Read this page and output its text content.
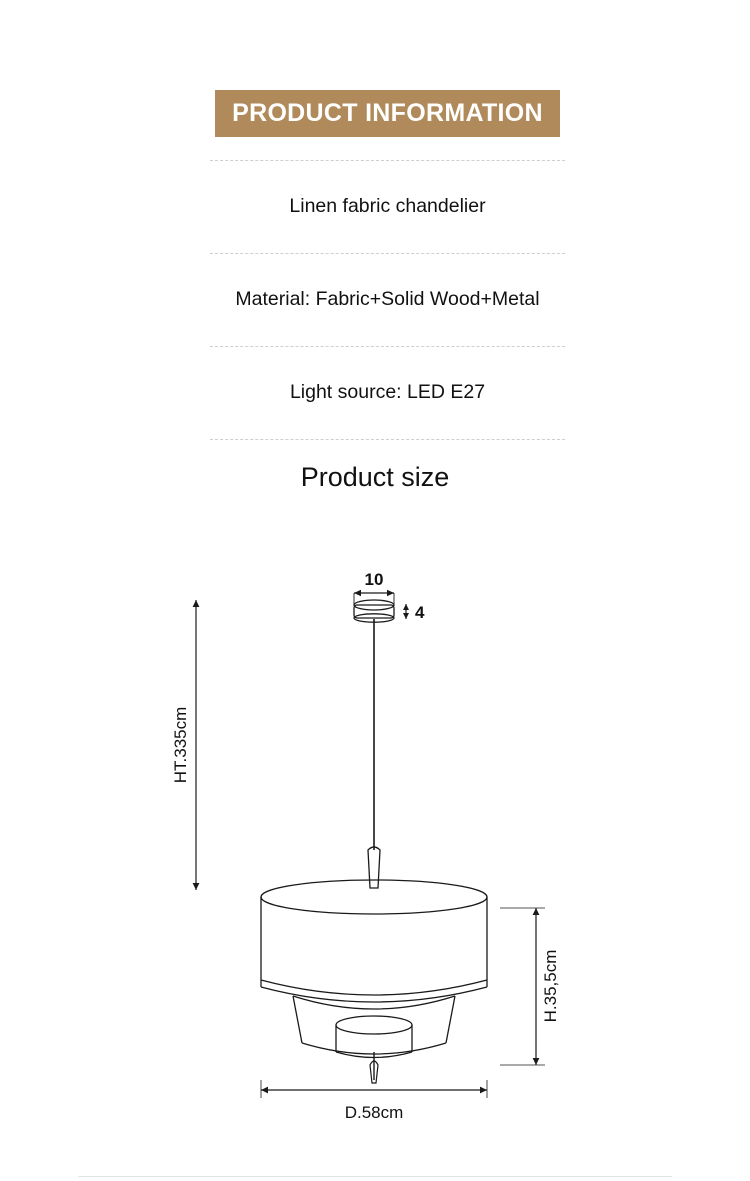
PRODUCT INFORMATION
Linen fabric chandelier
Material: Fabric+Solid Wood+Metal
Light source: LED E27
Product size
10
4
HT.335cm
H.35,5cm
D.58cm
